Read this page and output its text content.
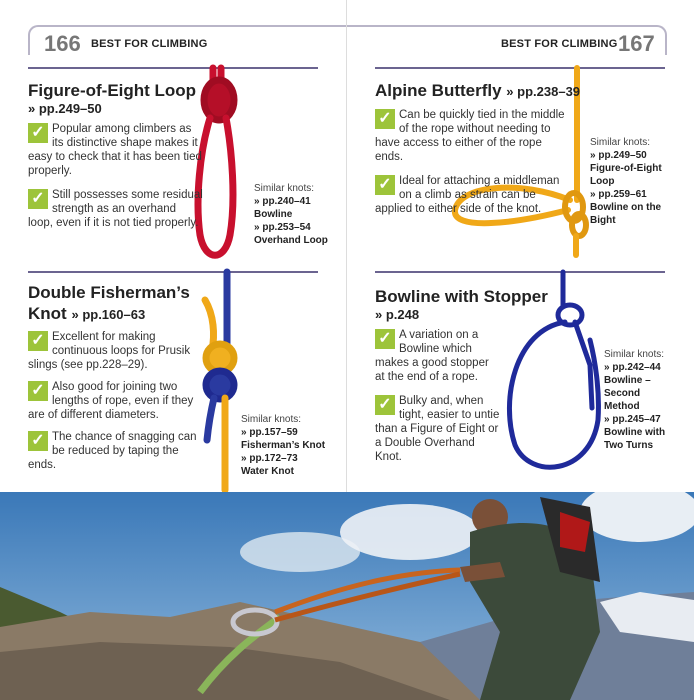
166 BEST FOR CLIMBING	BEST FOR CLIMBING 167
Figure-of-Eight Loop
» pp.249–50
✓ Popular among climbers as its distinctive shape makes it easy to check that it has been tied properly.
✓ Still possesses some residual strength as an overhand loop, even if it is not tied properly.
Similar knots:
» pp.240–41
Bowline
» pp.253–54
Overhand Loop
Alpine Butterfly » pp.238–39
✓ Can be quickly tied in the middle of the rope without needing to have access to either of the rope ends.
✓ Ideal for attaching a middleman on a climb as strain can be applied to either side of the knot.
Similar knots:
» pp.249–50
Figure-of-Eight Loop
» pp.259–61
Bowline on the Bight
Double Fisherman’s Knot » pp.160–63
✓ Excellent for making continuous loops for Prusik slings (see pp.228–29).
✓ Also good for joining two lengths of rope, even if they are of different diameters.
✓ The chance of snagging can be reduced by taping the ends.
Similar knots:
» pp.157–59
Fisherman’s Knot
» pp.172–73
Water Knot
Bowline with Stopper
» p.248
✓ A variation on a Bowline which makes a good stopper at the end of a rope.
✓ Bulky and, when tight, easier to untie than a Figure of Eight or a Double Overhand Knot.
Similar knots:
» pp.242–44
Bowline – Second Method
» pp.245–47
Bowline with Two Turns
